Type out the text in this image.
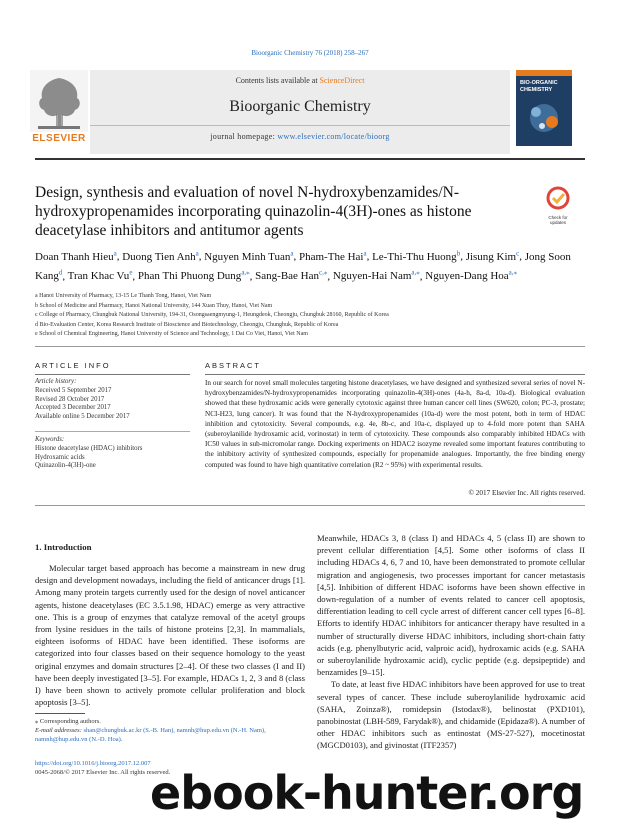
Bioorganic Chemistry 76 (2018) 258–267
ELSEVIER
Contents lists available at ScienceDirect
Bioorganic Chemistry
journal homepage: www.elsevier.com/locate/bioorg
BIO-ORGANIC
CHEMISTRY
Design, synthesis and evaluation of novel N-hydroxybenzamides/N-hydroxypropenamides incorporating quinazolin-4(3H)-ones as histone deacetylase inhibitors and antitumor agents
Check for
updates
Doan Thanh Hieu$^a$, Duong Tien Anh$^a$, Nguyen Minh Tuan$^a$, Pham-The Hai$^a$, Le-Thi-Thu Huong$^b$, Jisung Kim$^c$, Jong Soon Kang$^d$, Tran Khac Vu$^e$, Phan Thi Phuong Dung$^{a,⁎}$, Sang-Bae Han$^{c,⁎}$, Nguyen-Hai Nam$^{a,⁎}$, Nguyen-Dang Hoa$^{a,⁎}$
a Hanoi University of Pharmacy, 13-15 Le Thanh Tong, Hanoi, Viet Nam
b School of Medicine and Pharmacy, Hanoi National University, 144 Xuan Thuy, Hanoi, Viet Nam
c College of Pharmacy, Chungbuk National University, 194-31, Osongsaengmyung-1, Heungdeok, Cheongju, Chungbuk 28160, Republic of Korea
d Bio-Evaluation Center, Korea Research Institute of Bioscience and Biotechnology, Cheongju, Chungbuk, Republic of Korea
e School of Chemical Engineering, Hanoi University of Science and Technology, 1 Dai Co Viet, Hanoi, Viet Nam
ARTICLE INFO
Article history:
Received 5 September 2017
Revised 28 October 2017
Accepted 3 December 2017
Available online 5 December 2017
Keywords:
Histone deacetylase (HDAC) inhibitors
Hydroxamic acids
Quinazolin-4(3H)-one
ABSTRACT
In our search for novel small molecules targeting histone deacetylases, we have designed and synthesized several series of novel N-hydroxybenzamides/N-hydroxypropenamides incorporating quinazolin-4(3H)-ones (4a-h, 8a-d, 10a-d). Biological evaluation showed that these hydroxamic acids were generally cytotoxic against three human cancer cell lines (SW620, colon; PC-3, prostate; NCI-H23, lung cancer). It was found that the N-hydroxypropenamides (10a-d) were the most potent, both in term of HDAC inhibition and cytotoxicity. Several compounds, e.g. 4e, 8b-c, and 10a-c, displayed up to 4-fold more potent than SAHA (suberoylanilide hydroxamic acid, vorinostat) in term of cytotoxicity. These compounds also comparably inhibited HDACs with IC50 values in sub-micromolar range. Docking experiments on HDAC2 isozyme revealed some important features contributing to the inhibitory activity of synthesized compounds, especially for propenamide analogues. Importantly, the free binding energy computed was found to have high quantitative correlation (R2 ~ 95%) with experimental results.
© 2017 Elsevier Inc. All rights reserved.
1. Introduction
Molecular target based approach has become a mainstream in new drug design and development nowadays, including the field of anticancer drugs [1]. Among many protein targets currently used for the design of novel anticancer agents, histone deacetylases (EC 3.5.1.98, HDAC) emerge as very attractive one. This is a group of enzymes that catalyze removal of the acetyl groups from lysine residues in the tails of histone proteins [2,3]. In mammalials, eighteen isoforms of HDAC have been identified. These isoforms are categorized into four classes based on their sequence homology to the yeast original enzymes and domain structures [2–4]. Of these two classes (I and II) have been deeply investigated [3–5]. For example, HDACs 1, 2, 3 and 8 (class I) have been shown to actively promote cellular proliferation and block apoptosis [3–5].
Meanwhile, HDACs 3, 8 (class I) and HDACs 4, 5 (class II) are shown to prevent cellular differentiation [4,5]. Some other isoforms of class II including HDACs 4, 6, 7 and 10, have been demonstrated to promote cellular migration and angiogenesis, two processes important for cancer metastasis [4,5]. Inhibition of different HDAC isoforms have been shown effective in down-regulation of a number of events related to cancer cell apoptosis, differentiation leading to cell cycle arrest of different cancer cell types [6–8]. Efforts to identify HDAC inhibitors for anticancer therapy have resulted in a number of structurally diverse HDAC inhibitors, including short-chain fatty acids (e.g. phenylbutyric acid, valproic acid), hydroxamic acids (e.g. SAHA or suberoylanilide hydroxamic acid), cyclic peptide (e.g. depsipeptide) and benzamides [9–15].
To date, at least five HDAC inhibitors have been approved for use to treat several types of cancer. These include suberoylanilide hydroxamic acid (SAHA, Zoinza®), romidepsin (Istodax®), belinostat (PXD101), panobinostat (LBH-589, Farydak®), and chidamide (Epidaza®). A number of other HDAC inhibitors such as entinostat (MS-27-527), mocetinostat (MGCD0103), and givinostat (ITF2357)
⁎ Corresponding authors.
E-mail addresses: shan@chungbuk.ac.kr (S.-B. Han), namnh@hup.edu.vn (N.-H. Nam), namnh@hup.edu.vn (N.-D. Hoa).
https://doi.org/10.1016/j.bioorg.2017.12.007
0045-2068/© 2017 Elsevier Inc. All rights reserved.
ebook-hunter.org
